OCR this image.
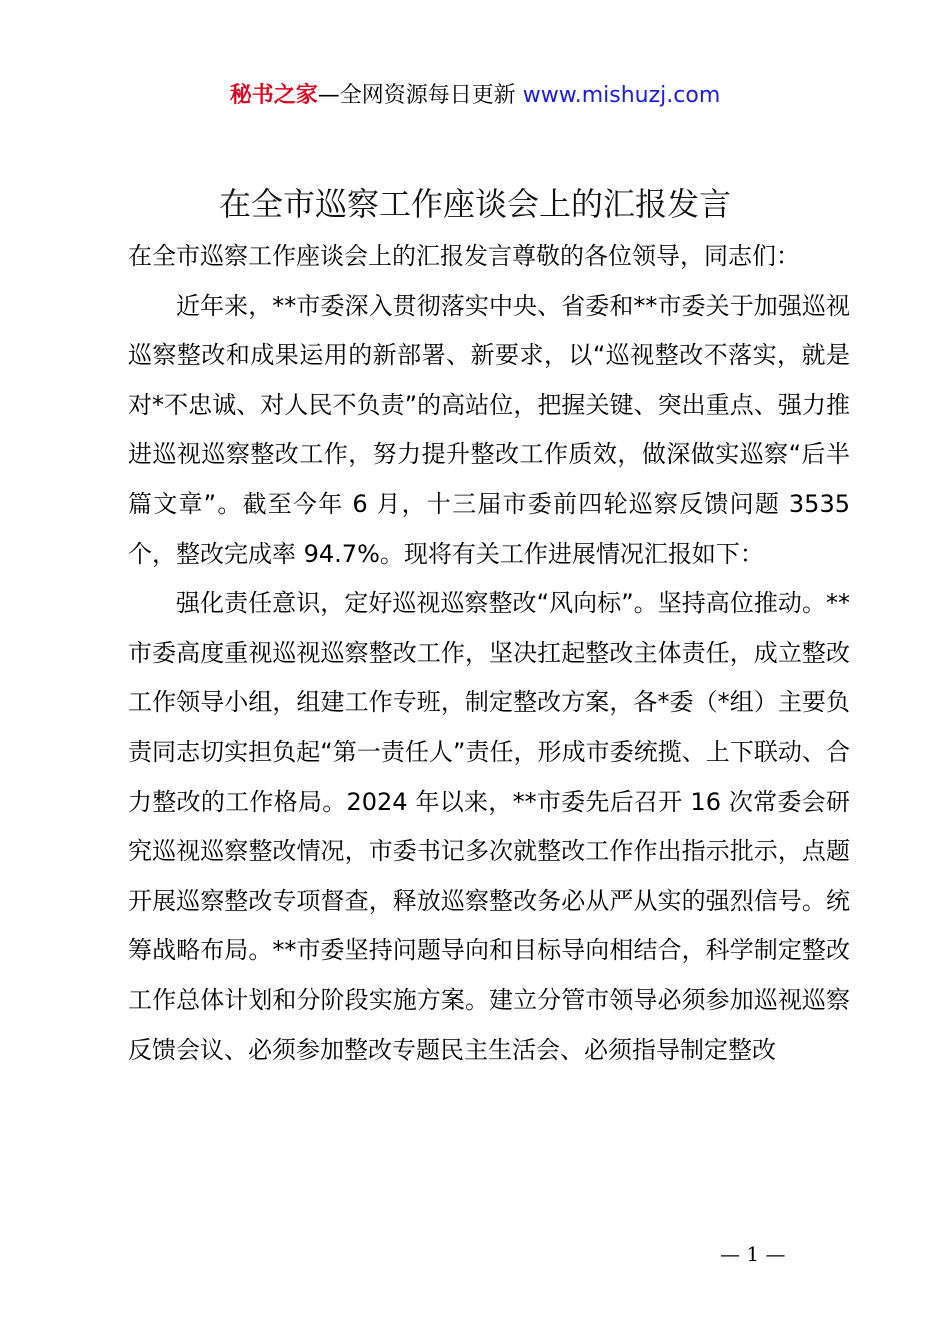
秘书之家—全网资源每日更新 www.mishuzj.com
在全市巡察工作座谈会上的汇报发言

在全市巡察工作座谈会上的汇报发言尊敬的各位领导，同志们：

近年来，**市委深入贯彻落实中央、省委和**市委关于加强巡视巡察整改和成果运用的新部署、新要求，以“巡视整改不落实，就是对*不忠诚、对人民不负责”的高站位，把握关键、突出重点、强力推进巡视巡察整改工作，努力提升整改工作质效，做深做实巡察“后半篇文章”。截至今年 6 月，十三届市委前四轮巡察反馈问题 3535 个，整改完成率 94.7%。现将有关工作进展情况汇报如下：

强化责任意识，定好巡视巡察整改“风向标”。坚持高位推动。**市委高度重视巡视巡察整改工作，坚决扛起整改主体责任，成立整改工作领导小组，组建工作专班，制定整改方案，各*委（*组）主要负责同志切实担负起“第一责任人”责任，形成市委统揽、上下联动、合力整改的工作格局。2024 年以来，**市委先后召开 16 次常委会研究巡视巡察整改情况，市委书记多次就整改工作作出指示批示，点题开展巡察整改专项督查，释放巡察整改务必从严从实的强烈信号。统筹战略布局。**市委坚持问题导向和目标导向相结合，科学制定整改工作总体计划和分阶段实施方案。建立分管市领导必须参加巡视巡察反馈会议、必须参加整改专题民主生活会、必须指导制定整改

— 1 —
